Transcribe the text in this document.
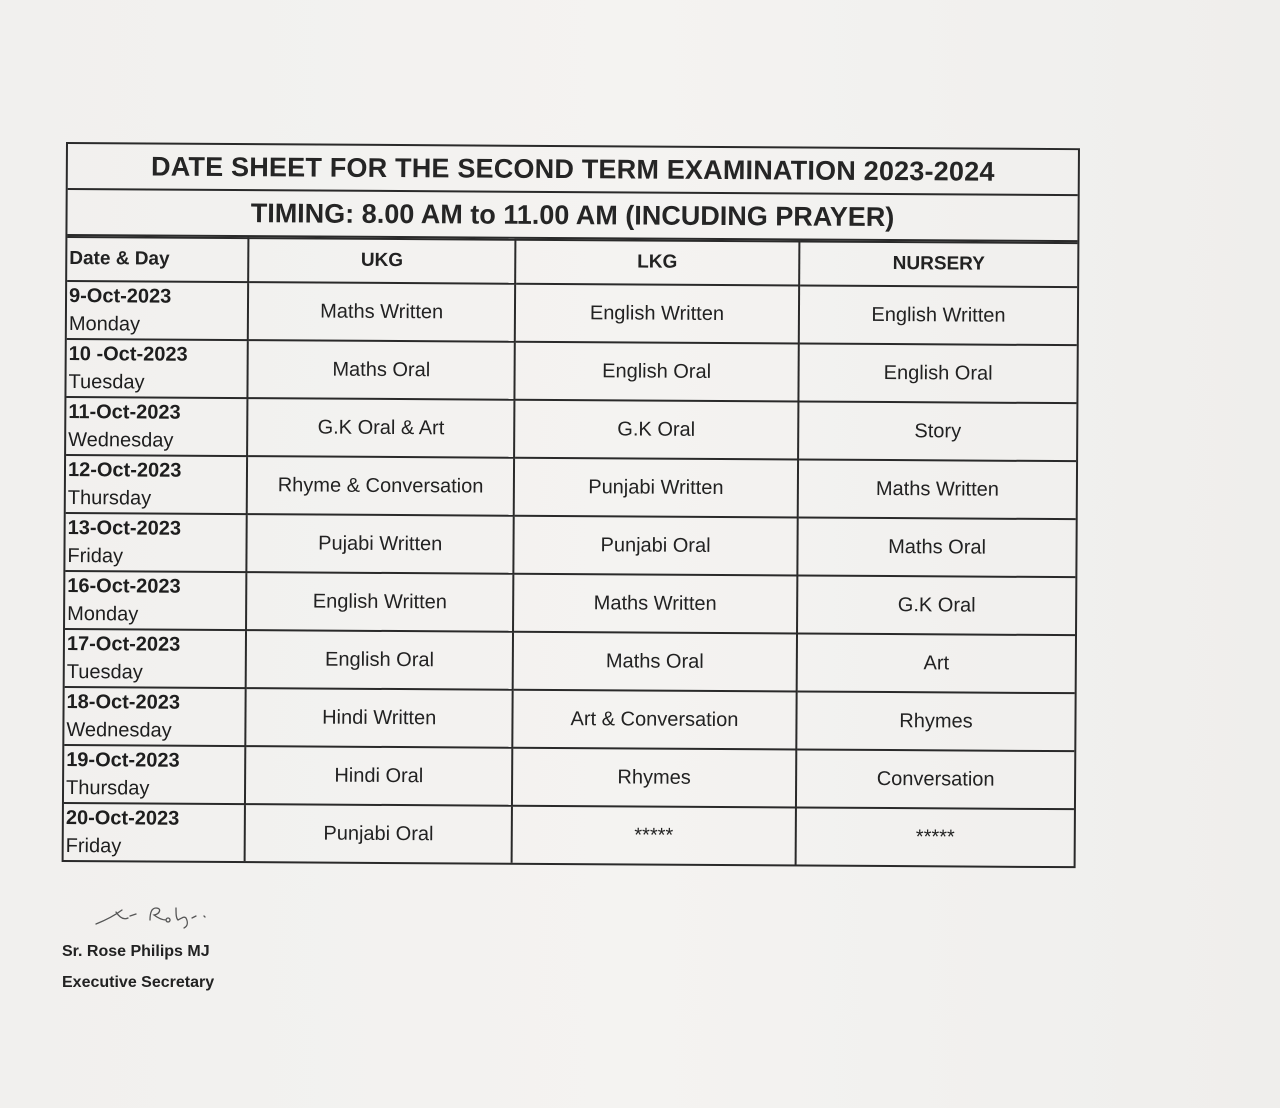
DATE SHEET FOR THE SECOND TERM EXAMINATION 2023-2024
TIMING: 8.00 AM to 11.00 AM (INCUDING PRAYER)
Date & Day	UKG	LKG	NURSERY

9-Oct-2023
Monday	Maths Written	English Written	English Written

10 -Oct-2023
Tuesday	Maths Oral	English Oral	English Oral

11-Oct-2023
Wednesday	G.K Oral & Art	G.K Oral	Story

12-Oct-2023
Thursday	Rhyme & Conversation	Punjabi Written	Maths Written

13-Oct-2023
Friday	Pujabi Written	Punjabi Oral	Maths Oral

16-Oct-2023
Monday	English Written	Maths Written	G.K Oral

17-Oct-2023
Tuesday	English Oral	Maths Oral	Art

18-Oct-2023
Wednesday	Hindi Written	Art & Conversation	Rhymes

19-Oct-2023
Thursday	Hindi Oral	Rhymes	Conversation

20-Oct-2023
Friday	Punjabi Oral	*****	*****
Sr. Rose Philips MJ
Executive Secretary
